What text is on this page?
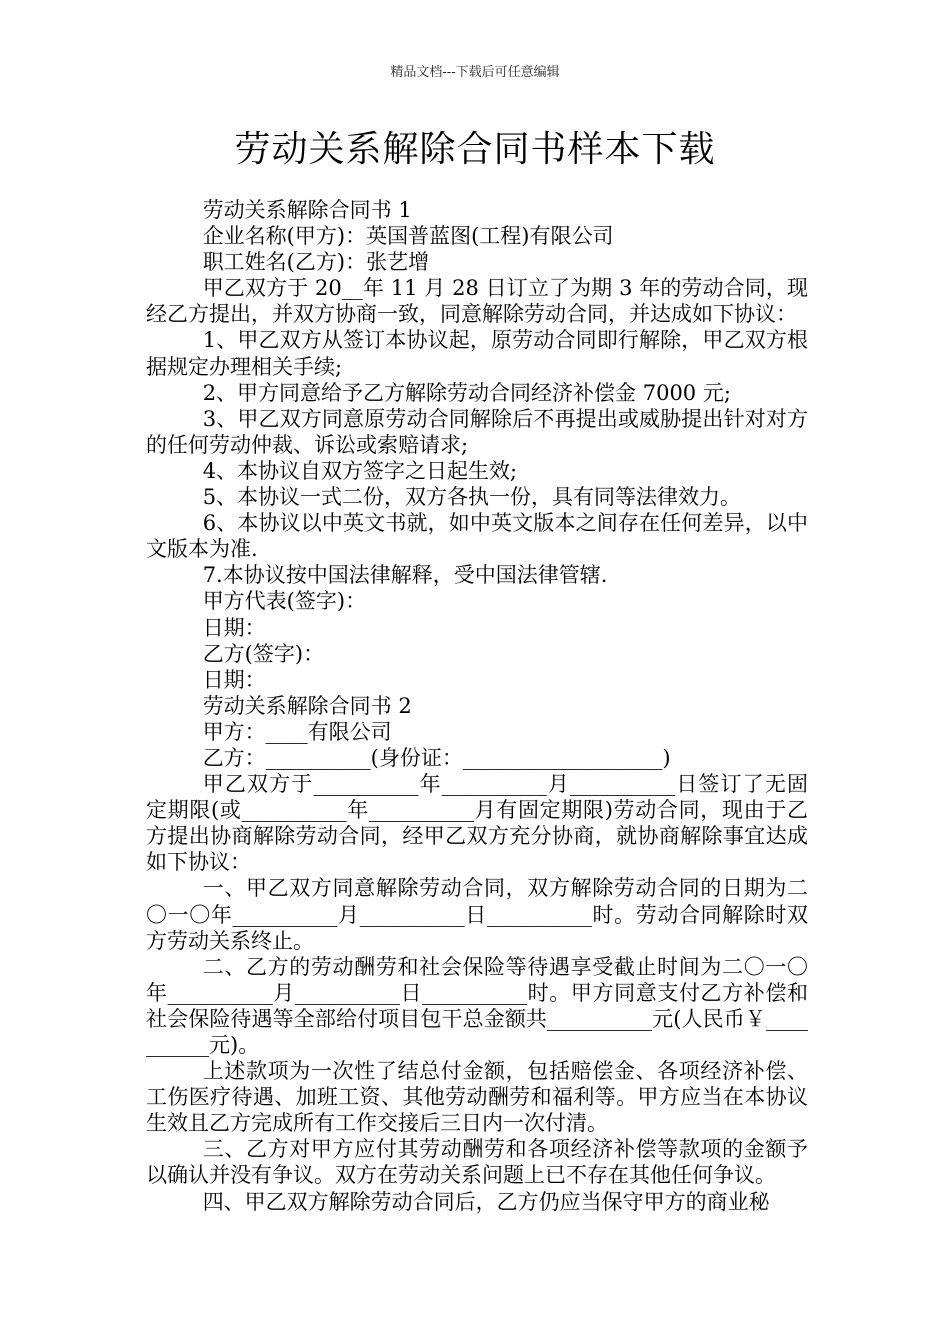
精品文档---下载后可任意编辑
劳动关系解除合同书样本下载

劳动关系解除合同书 1

企业名称(甲方)：英国普蓝图(工程)有限公司

职工姓名(乙方)：张艺增

甲乙双方于 20__年 11 月 28 日订立了为期 3 年的劳动合同，现经乙方提出，并双方协商一致，同意解除劳动合同，并达成如下协议：

1、甲乙双方从签订本协议起，原劳动合同即行解除，甲乙双方根据规定办理相关手续;

2、甲方同意给予乙方解除劳动合同经济补偿金 7000 元;

3、甲乙双方同意原劳动合同解除后不再提出或威胁提出针对对方的任何劳动仲裁、诉讼或索赔请求;

4、本协议自双方签字之日起生效;

5、本协议一式二份，双方各执一份，具有同等法律效力。

6、本协议以中英文书就，如中英文版本之间存在任何差异，以中文版本为准.

7.本协议按中国法律解释，受中国法律管辖.

甲方代表(签字)：

日期：

乙方(签字)：

日期：

劳动关系解除合同书 2

甲方：____有限公司

乙方：__________(身份证：___________________)

甲乙双方于__________年__________月__________日签订了无固定期限(或__________年__________月有固定期限)劳动合同，现由于乙方提出协商解除劳动合同，经甲乙双方充分协商，就协商解除事宜达成如下协议：

一、甲乙双方同意解除劳动合同，双方解除劳动合同的日期为二〇一〇年__________月__________日__________时。劳动合同解除时双方劳动关系终止。

二、乙方的劳动酬劳和社会保险等待遇享受截止时间为二〇一〇年__________月__________日__________时。甲方同意支付乙方补偿和社会保险待遇等全部给付项目包干总金额共__________元(人民币￥__________元)。

上述款项为一次性了结总付金额，包括赔偿金、各项经济补偿、工伤医疗待遇、加班工资、其他劳动酬劳和福利等。甲方应当在本协议生效且乙方完成所有工作交接后三日内一次付清。

三、乙方对甲方应付其劳动酬劳和各项经济补偿等款项的金额予以确认并没有争议。双方在劳动关系问题上已不存在其他任何争议。

四、甲乙双方解除劳动合同后，乙方仍应当保守甲方的商业秘
